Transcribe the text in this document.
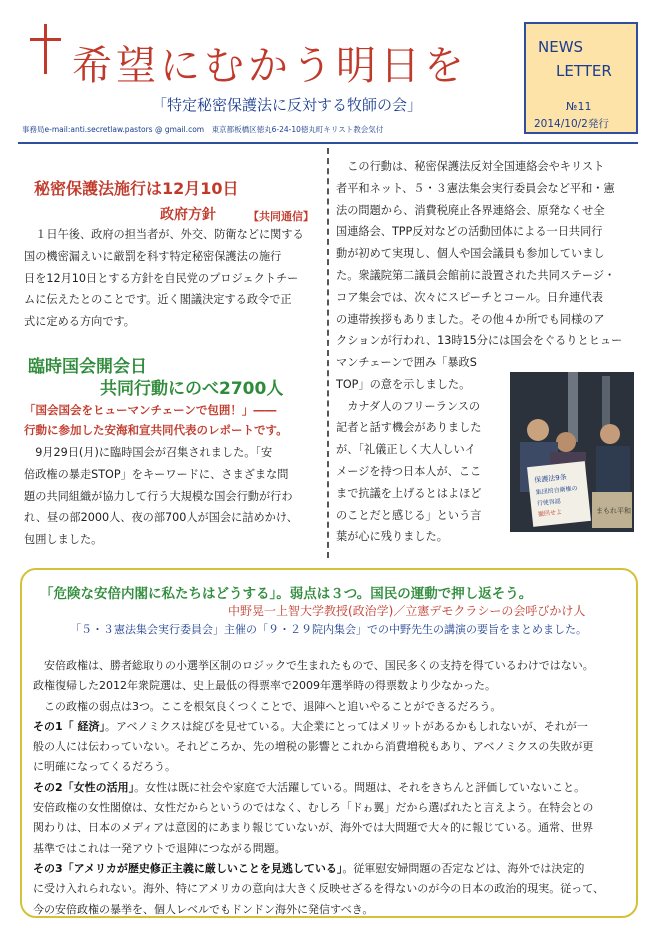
希望にむかう明日を
「特定秘密保護法に反対する牧師の会」
事務局e-mail:anti.secretlaw.pastors @ gmail.com　東京都板橋区徳丸6-24-10徳丸町キリスト教会気付
NEWS
LETTER
№11
2014/10/2発行
秘密保護法施行は12月10日
政府方針	【共同通信】
　１日午後、政府の担当者が、外交、防衛などに関する
国の機密漏えいに厳罰を科す特定秘密保護法の施行
日を12月10日とする方針を自民党のプロジェクトチー
ムに伝えたとのことです。近く閣議決定する政令で正
式に定める方向です。
臨時国会開会日
共同行動にのべ2700人
「国会国会をヒューマンチェーンで包囲！」――
行動に参加した安海和宣共同代表のレポートです。
　9月29日(月)に臨時国会が召集されました。「安
倍政権の暴走STOP」をキーワードに、さまざまな問
題の共同組織が協力して行う大規模な国会行動が行わ
れ、昼の部2000人、夜の部700人が国会に詰めかけ、
包囲しました。
　この行動は、秘密保護法反対全国連絡会やキリスト
者平和ネット、５・３憲法集会実行委員会など平和・憲
法の問題から、消費税廃止各界連絡会、原発なくせ全
国連絡会、TPP反対などの活動団体による一日共同行
動が初めて実現し、個人や国会議員も参加していまし
た。衆議院第二議員会館前に設置された共同ステージ・
コア集会では、次々にスピーチとコール。日弁連代表
の連帯挨拶もありました。その他４か所でも同様のア
クションが行われ、13時15分には国会をぐるりとヒュー
マンチェーンで囲み「暴政S
TOP」の意を示しました。
　カナダ人のフリーランスの
記者と話す機会がありました
が、「礼儀正しく大人しいイ
メージを持つ日本人が、ここ
まで抗議を上げるとはよほど
のことだと感じる」という言
葉が心に残りました。
保護法9条
集団的自衛権の
行使容認
撤回せよ	まもれ平和
「危険な安倍内閣に私たちはどうする」。弱点は３つ。国民の運動で押し返そう。
中野晃一上智大学教授(政治学)／立憲デモクラシーの会呼びかけ人
「５・３憲法集会実行委員会」主催の「９・２９院内集会」での中野先生の講演の要旨をまとめました。
　安倍政権は、勝者総取りの小選挙区制のロジックで生まれたもので、国民多くの支持を得ているわけではない。
政権復帰した2012年衆院選は、史上最低の得票率で2009年選挙時の得票数より少なかった。
　この政権の弱点は3つ。ここを根気良くつくことで、退陣へと追いやることができるだろう。
その1「 経済」。アベノミクスは綻びを見せている。大企業にとってはメリットがあるかもしれないが、それが一
般の人には伝わっていない。それどころか、先の増税の影響とこれから消費増税もあり、アベノミクスの失敗が更
に明確になってくるだろう。
その2「女性の活用」。女性は既に社会や家庭で大活躍している。問題は、それをきちんと評価していないこと。
安倍政権の女性閣僚は、女性だからというのではなく、むしろ「ドゎ翼」だから選ばれたと言えよう。在特会との
関わりは、日本のメディアは意図的にあまり報じていないが、海外では大問題で大々的に報じている。通常、世界
基準ではこれは一発アウトで退陣につながる問題。
その3「アメリカが歴史修正主義に厳しいことを見逃している」。従軍慰安婦問題の否定などは、海外では決定的
に受け入れられない。海外、特にアメリカの意向は大きく反映せざるを得ないのが今の日本の政治的現実。従って、
今の安倍政権の暴挙を、個人レベルでもドンドン海外に発信すべき。
